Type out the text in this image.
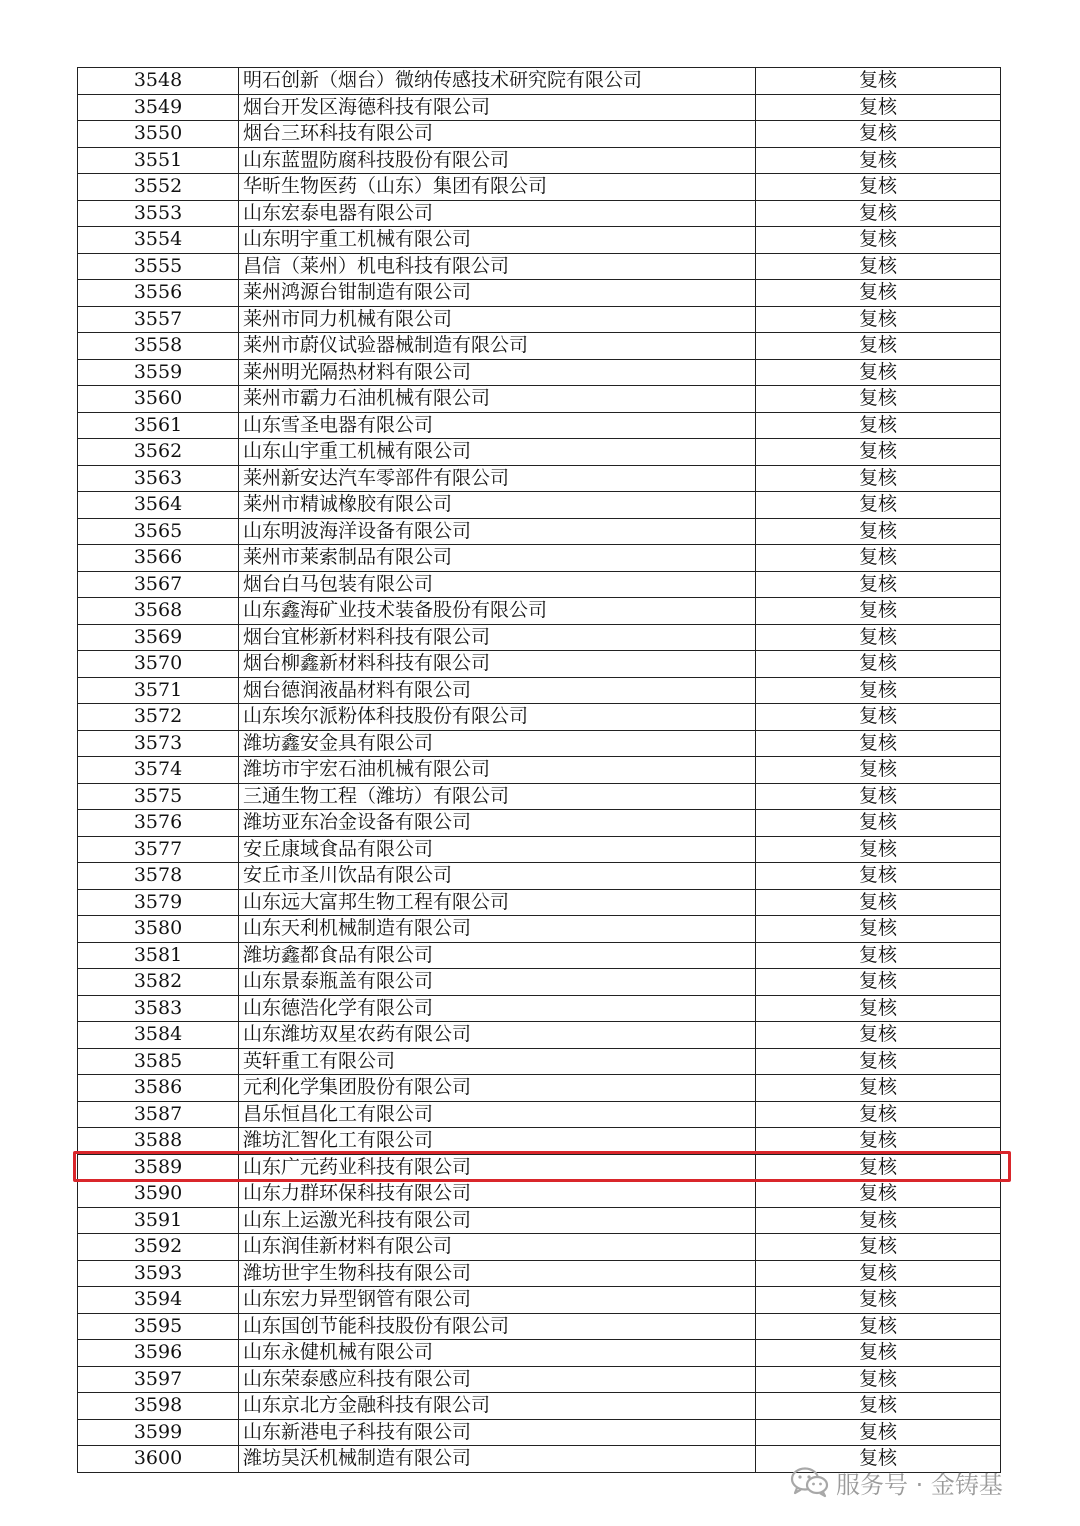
3548	明石创新（烟台）微纳传感技术研究院有限公司	复核
3549	烟台开发区海德科技有限公司	复核
3550	烟台三环科技有限公司	复核
3551	山东蓝盟防腐科技股份有限公司	复核
3552	华昕生物医药（山东）集团有限公司	复核
3553	山东宏泰电器有限公司	复核
3554	山东明宇重工机械有限公司	复核
3555	昌信（莱州）机电科技有限公司	复核
3556	莱州鸿源台钳制造有限公司	复核
3557	莱州市同力机械有限公司	复核
3558	莱州市蔚仪试验器械制造有限公司	复核
3559	莱州明光隔热材料有限公司	复核
3560	莱州市霸力石油机械有限公司	复核
3561	山东雪圣电器有限公司	复核
3562	山东山宇重工机械有限公司	复核
3563	莱州新安达汽车零部件有限公司	复核
3564	莱州市精诚橡胶有限公司	复核
3565	山东明波海洋设备有限公司	复核
3566	莱州市莱索制品有限公司	复核
3567	烟台白马包装有限公司	复核
3568	山东鑫海矿业技术装备股份有限公司	复核
3569	烟台宜彬新材料科技有限公司	复核
3570	烟台柳鑫新材料科技有限公司	复核
3571	烟台德润液晶材料有限公司	复核
3572	山东埃尔派粉体科技股份有限公司	复核
3573	潍坊鑫安金具有限公司	复核
3574	潍坊市宇宏石油机械有限公司	复核
3575	三通生物工程（潍坊）有限公司	复核
3576	潍坊亚东冶金设备有限公司	复核
3577	安丘康域食品有限公司	复核
3578	安丘市圣川饮品有限公司	复核
3579	山东远大富邦生物工程有限公司	复核
3580	山东天利机械制造有限公司	复核
3581	潍坊鑫都食品有限公司	复核
3582	山东景泰瓶盖有限公司	复核
3583	山东德浩化学有限公司	复核
3584	山东潍坊双星农药有限公司	复核
3585	英轩重工有限公司	复核
3586	元利化学集团股份有限公司	复核
3587	昌乐恒昌化工有限公司	复核
3588	潍坊汇智化工有限公司	复核
3589	山东广元药业科技有限公司	复核
3590	山东力群环保科技有限公司	复核
3591	山东上运激光科技有限公司	复核
3592	山东润佳新材料有限公司	复核
3593	潍坊世宇生物科技有限公司	复核
3594	山东宏力异型钢管有限公司	复核
3595	山东国创节能科技股份有限公司	复核
3596	山东永健机械有限公司	复核
3597	山东荣泰感应科技有限公司	复核
3598	山东京北方金融科技有限公司	复核
3599	山东新港电子科技有限公司	复核
3600	潍坊昊沃机械制造有限公司	复核
服务号 · 金铸基
